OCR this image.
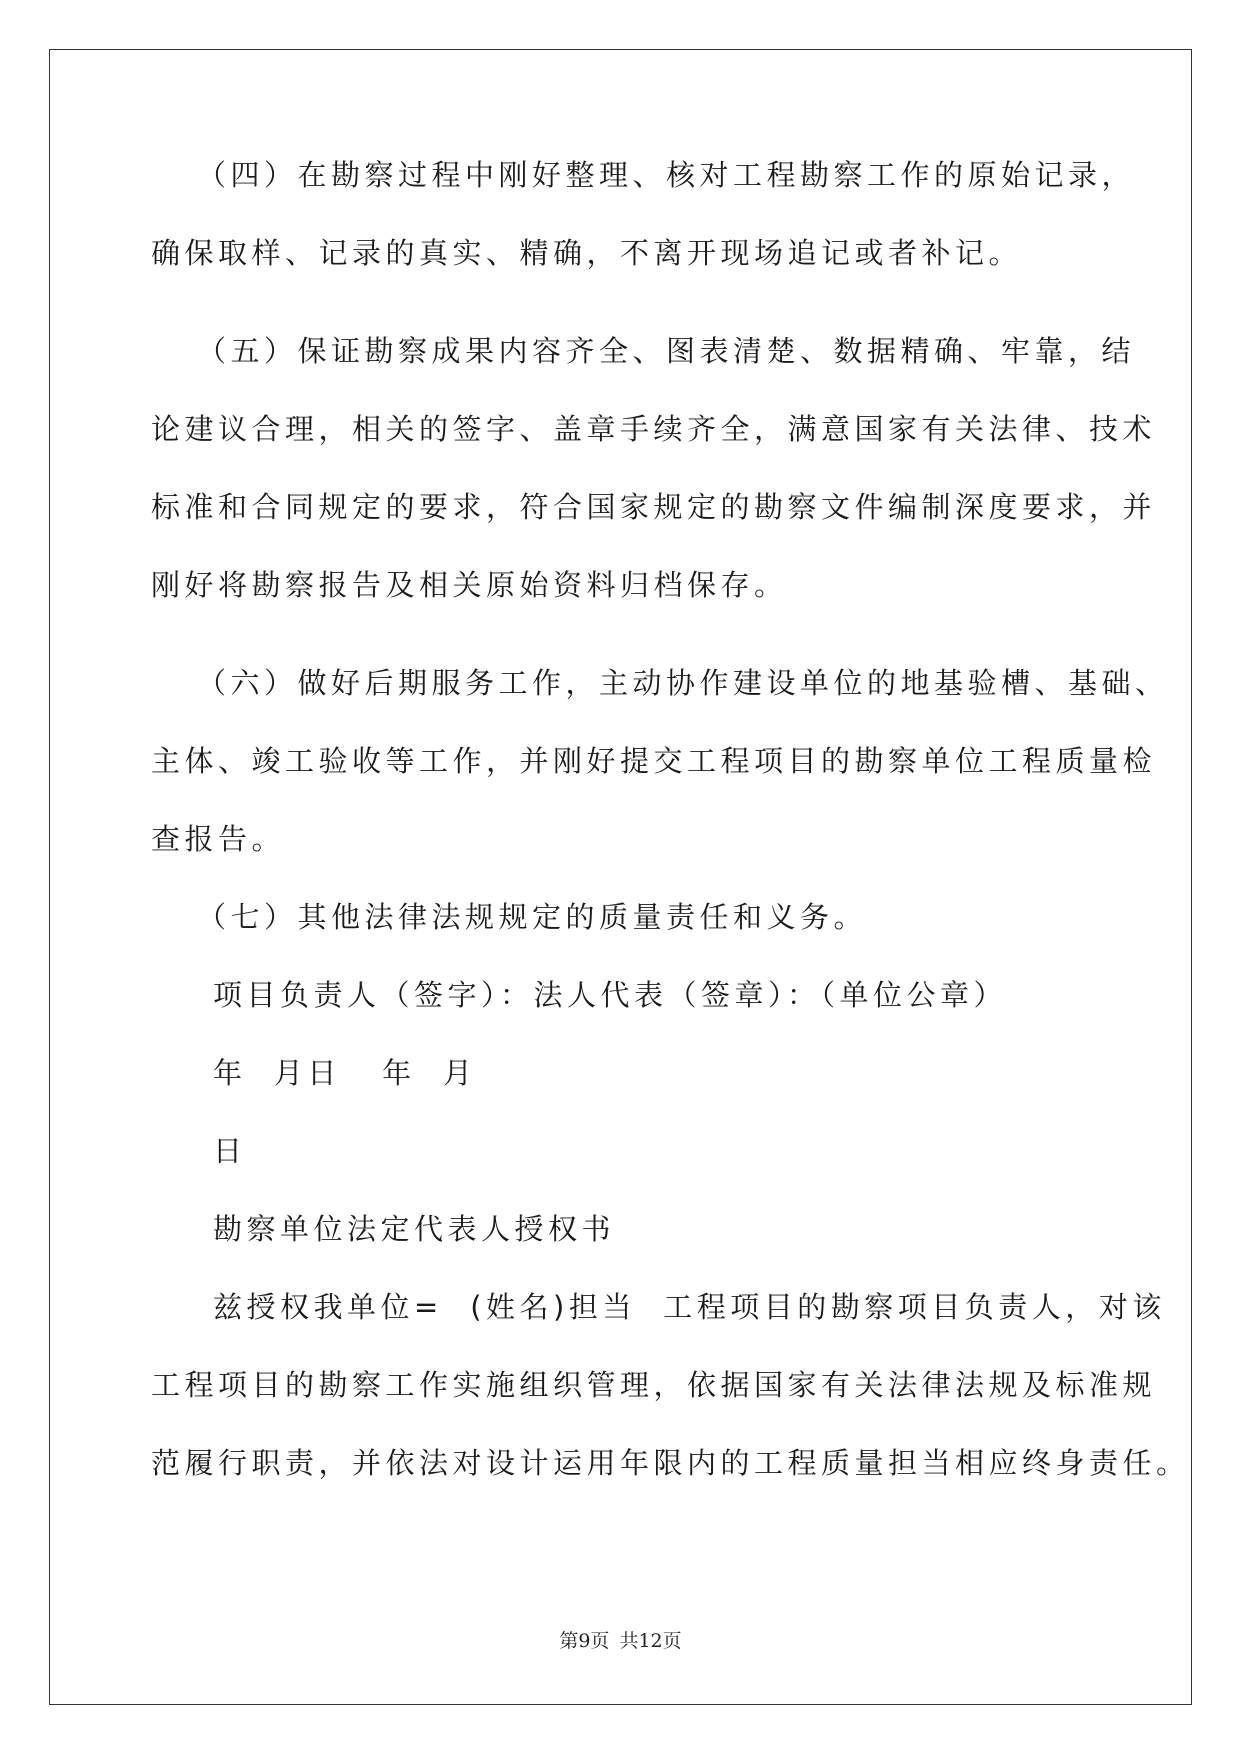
（四）在勘察过程中刚好整理、核对工程勘察工作的原始记录，
确保取样、记录的真实、精确，不离开现场追记或者补记。
（五）保证勘察成果内容齐全、图表清楚、数据精确、牢靠，结
论建议合理，相关的签字、盖章手续齐全，满意国家有关法律、技术
标准和合同规定的要求，符合国家规定的勘察文件编制深度要求，并
刚好将勘察报告及相关原始资料归档保存。
（六）做好后期服务工作，主动协作建设单位的地基验槽、基础、
主体、竣工验收等工作，并刚好提交工程项目的勘察单位工程质量检
查报告。
（七）其他法律法规规定的质量责任和义务。
项目负责人（签字）：法人代表（签章）：（单位公章）
年  月日   年  月
日
勘察单位法定代表人授权书
兹授权我单位=  (姓名)担当  工程项目的勘察项目负责人，对该
工程项目的勘察工作实施组织管理，依据国家有关法律法规及标准规
范履行职责，并依法对设计运用年限内的工程质量担当相应终身责任。
第9页 共12页
